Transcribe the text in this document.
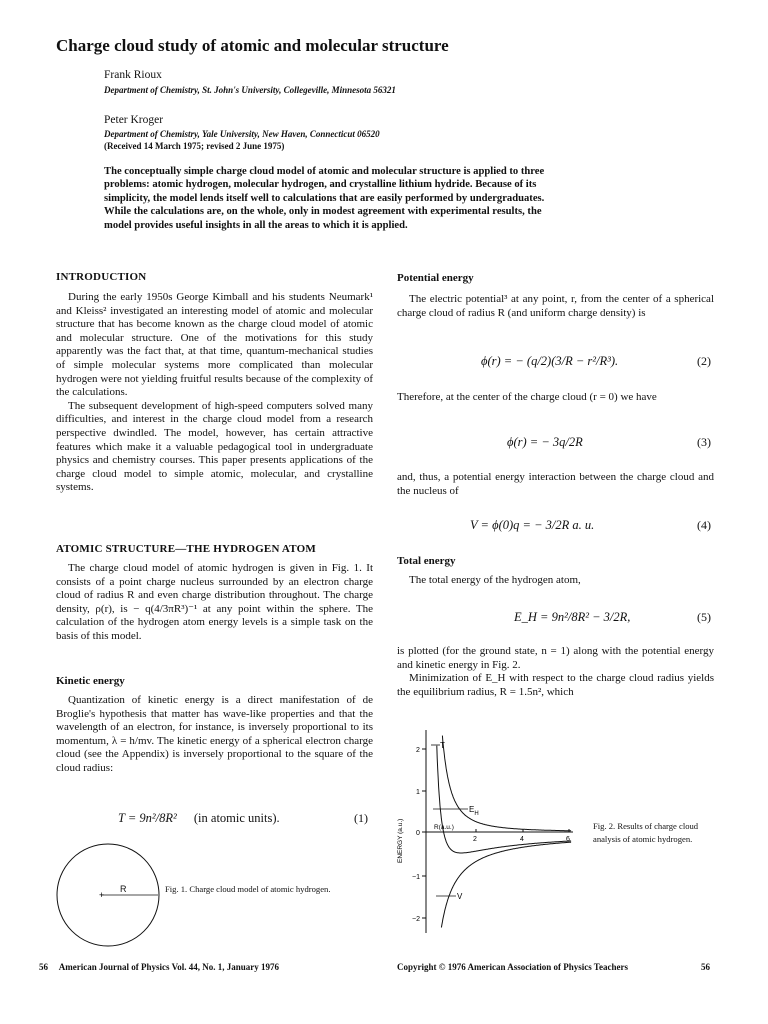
Charge cloud study of atomic and molecular structure
Frank Rioux
Department of Chemistry, St. John's University, Collegeville, Minnesota 56321
Peter Kroger
Department of Chemistry, Yale University, New Haven, Connecticut 06520
(Received 14 March 1975; revised 2 June 1975)
The conceptually simple charge cloud model of atomic and molecular structure is applied to three problems: atomic hydrogen, molecular hydrogen, and crystalline lithium hydride. Because of its simplicity, the model lends itself well to calculations that are easily performed by undergraduates. While the calculations are, on the whole, only in modest agreement with experimental results, the model provides useful insights in all the areas to which it is applied.
INTRODUCTION

During the early 1950s George Kimball and his students Neumark¹ and Kleiss² investigated an interesting model of atomic and molecular structure that has become known as the charge cloud model of atomic and molecular structure. One of the motivations for this study apparently was the fact that, at that time, quantum-mechanical studies of simple molecular systems more complicated than molecular hydrogen were not yielding fruitful results because of the complexity of the calculations.

The subsequent development of high-speed computers solved many difficulties, and interest in the charge cloud model from a research perspective dwindled. The model, however, has certain attractive features which make it a valuable pedagogical tool in undergraduate physics and chemistry courses. This paper presents applications of the charge cloud model to simple atomic, molecular, and crystalline systems.

ATOMIC STRUCTURE—THE HYDROGEN ATOM

The charge cloud model of atomic hydrogen is given in Fig. 1. It consists of a point charge nucleus surrounded by an electron charge cloud of radius R and even charge distribution throughout. The charge density, ρ(r), is − q(4/3πR³)⁻¹ at any point within the sphere. The calculation of the hydrogen atom energy levels is a simple task on the basis of this model.

Kinetic energy

Quantization of kinetic energy is a direct manifestation of de Broglie's hypothesis that matter has wave-like properties and that the wavelength of an electron, for instance, is inversely proportional to its momentum, λ = h/mv. The kinetic energy of a spherical electron charge cloud (see the Appendix) is inversely proportional to the square of the cloud radius:

T = 9n²/8R² (in atomic units).	(1)
+
R	Fig. 1. Charge cloud model of atomic hydrogen.
Potential energy

The electric potential³ at any point, r, from the center of a spherical charge cloud of radius R (and uniform charge density) is

ϕ(r) = − (q/2)(3/R − r²/R³).	(2)

Therefore, at the center of the charge cloud (r = 0) we have

ϕ(r) = − 3q/2R	(3)

and, thus, a potential energy interaction between the charge cloud and the nucleus of

V = ϕ(0)q = − 3/2R a. u.	(4)
Total energy

The total energy of the hydrogen atom,

E_H = 9n²/8R² − 3/2R,	(5)

is plotted (for the ground state, n = 1) along with the potential energy and kinetic energy in Fig. 2.

Minimization of E_H with respect to the charge cloud radius yields the equilibrium radius, R = 1.5n², which

2
1
0
−1
−2
2	4	6
ENERGY (a.u.)	R(a.u.)
T
$E_H$
V
Fig. 2. Results of charge cloud analysis of atomic hydrogen.
56     American Journal of Physics Vol. 44, No. 1, January 1976	Copyright © 1976 American Association of Physics Teachers	56
